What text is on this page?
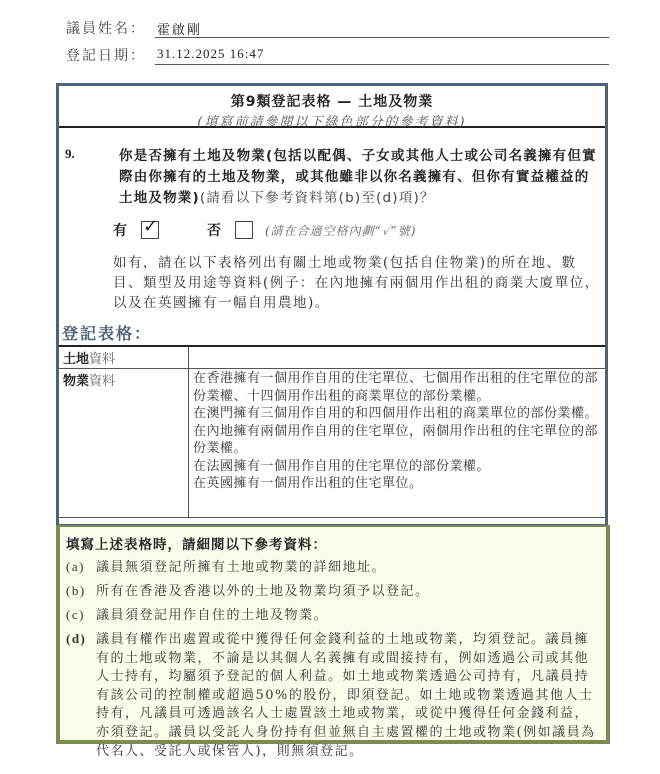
議員姓名： 霍啟剛
登記日期： 31.12.2025 16:47
第9類登記表格 — 土地及物業
(填寫前請參閱以下綠色部分的參考資料)
9.	你是否擁有土地及物業(包括以配偶、子女或其他人士或公司名義擁有但實際由你擁有的土地及物業，或其他雖非以你名義擁有、但你有實益權益的土地及物業)(請看以下參考資料第(b)至(d)項)？
有 ✓	否	(請在合適空格內劃“✓”號)
如有，請在以下表格列出有關土地或物業(包括自住物業)的所在地、數目、類型及用途等資料(例子：在內地擁有兩個用作出租的商業大廈單位，以及在英國擁有一幅自用農地)。
登記表格：
土地資料	
物業資料	在香港擁有一個用作自用的住宅單位、七個用作出租的住宅單位的部份業權、十四個用作出租的商業單位的部份業權。
在澳門擁有三個用作自用的和四個用作出租的商業單位的部份業權。
在內地擁有兩個用作自用的住宅單位，兩個用作出租的住宅單位的部份業權。
在法國擁有一個用作自用的住宅單位的部份業權。
在英國擁有一個用作出租的住宅單位。
填寫上述表格時，請細閱以下參考資料：
(a) 議員無須登記所擁有土地或物業的詳細地址。
(b) 所有在香港及香港以外的土地及物業均須予以登記。
(c) 議員須登記用作自住的土地及物業。
(d) 議員有權作出處置或從中獲得任何金錢利益的土地或物業，均須登記。議員擁有的土地或物業，不論是以其個人名義擁有或間接持有，例如透過公司或其他人士持有，均屬須予登記的個人利益。如土地或物業透過公司持有，凡議員持有該公司的控制權或超過50%的股份，即須登記。如土地或物業透過其他人士持有，凡議員可透過該名人士處置該土地或物業，或從中獲得任何金錢利益，亦須登記。議員以受託人身份持有但並無自主處置權的土地或物業(例如議員為代名人、受託人或保管人)，則無須登記。
